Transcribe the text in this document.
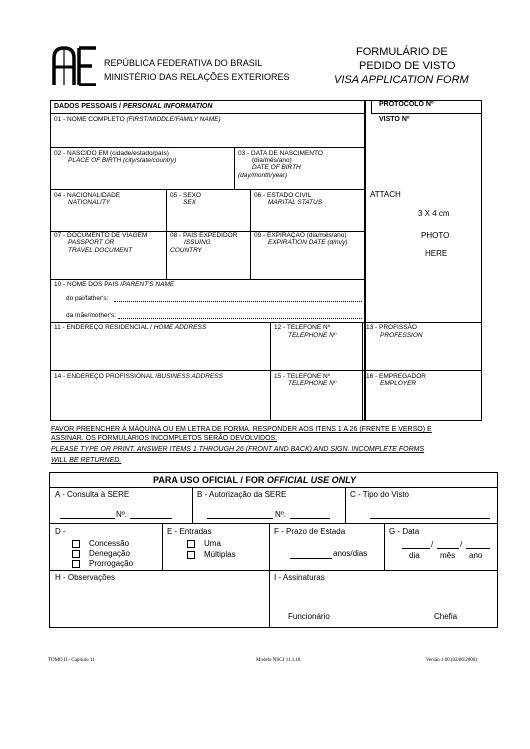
REPÚBLICA FEDERATIVA DO BRASIL
MINISTÉRIO DAS RELAÇÕES EXTERIORES
FORMULÁRIO DE
PEDIDO DE VISTO
VISA APPLICATION FORM
DADOS PESSOAIS / PERSONAL INFORMATION
01 - NOME COMPLETO (FIRST/MIDDLE/FAMILY NAME)
02 - NASCIDO EM (cidade/estado/país)
PLACE OF BIRTH (city/state/country)
03 - DATA DE NASCIMENTO
(dia/mês/ano)
DATE OF BIRTH
(day/month/year)
04 - NACIONALIDADE
NATIONALITY
05 - SEXO
SEX
06 - ESTADO CIVIL
MARITAL STATUS
07 - DOCUMENTO DE VIAGEM
PASSPORT OR
TRAVEL DOCUMENT
08 - PAÍS EXPEDIDOR
ISSUING
COUNTRY
09 - EXPIRAÇÃO (dia/mês/ano)
EXPIRATION DATE (d/m/y)
10 - NOME DOS PAIS /PARENT'S NAME
do pai/father's:
da mãe/mother's:
11 - ENDEREÇO RESIDENCIAL / HOME ADDRESS	12 - TELEFONE Nº
TELEPHONE Nº
14 - ENDEREÇO PROFISSIONAL /BUSINESS ADDRESS	15 - TELEFONE Nº
TELEPHONE Nº
PROTOCOLO Nº
VISTO Nº
ATTACH
3 X 4 cm
PHOTO
HERE
13 - PROFISSÃO
PROFESSION
16 - EMPREGADOR
EMPLOYER
FAVOR PREENCHER À MÁQUINA OU EM LETRA DE FORMA. RESPONDER AOS ITENS 1 A 26 (FRENTE E VERSO) E
ASSINAR. OS FORMULÁRIOS INCOMPLETOS SERÃO DEVOLVIDOS.
PLEASE TYPE OR PRINT. ANSWER ITEMS 1 THROUGH 26 (FRONT AND BACK) AND SIGN. INCOMPLETE FORMS
WILL BE RETURNED.
PARA USO OFICIAL / FOR OFFICIAL USE ONLY
A - Consulta à SERE
Nº.
B - Autorização da SERE
Nº.
C - Tipo do Visto
D -
Concessão
Denegação
Prorrogação
E - Entradas
Uma
Múltiplas
F - Prazo de Estada
anos/dias
G - Data
/	/
dia	mês ano
H - Observações	I - Assinaturas
Funcionário	Chefia
TOMO II - Capítulo 11	Modelo NSCJ 11.1.18	Versão 1.00 (02/06/2000)
